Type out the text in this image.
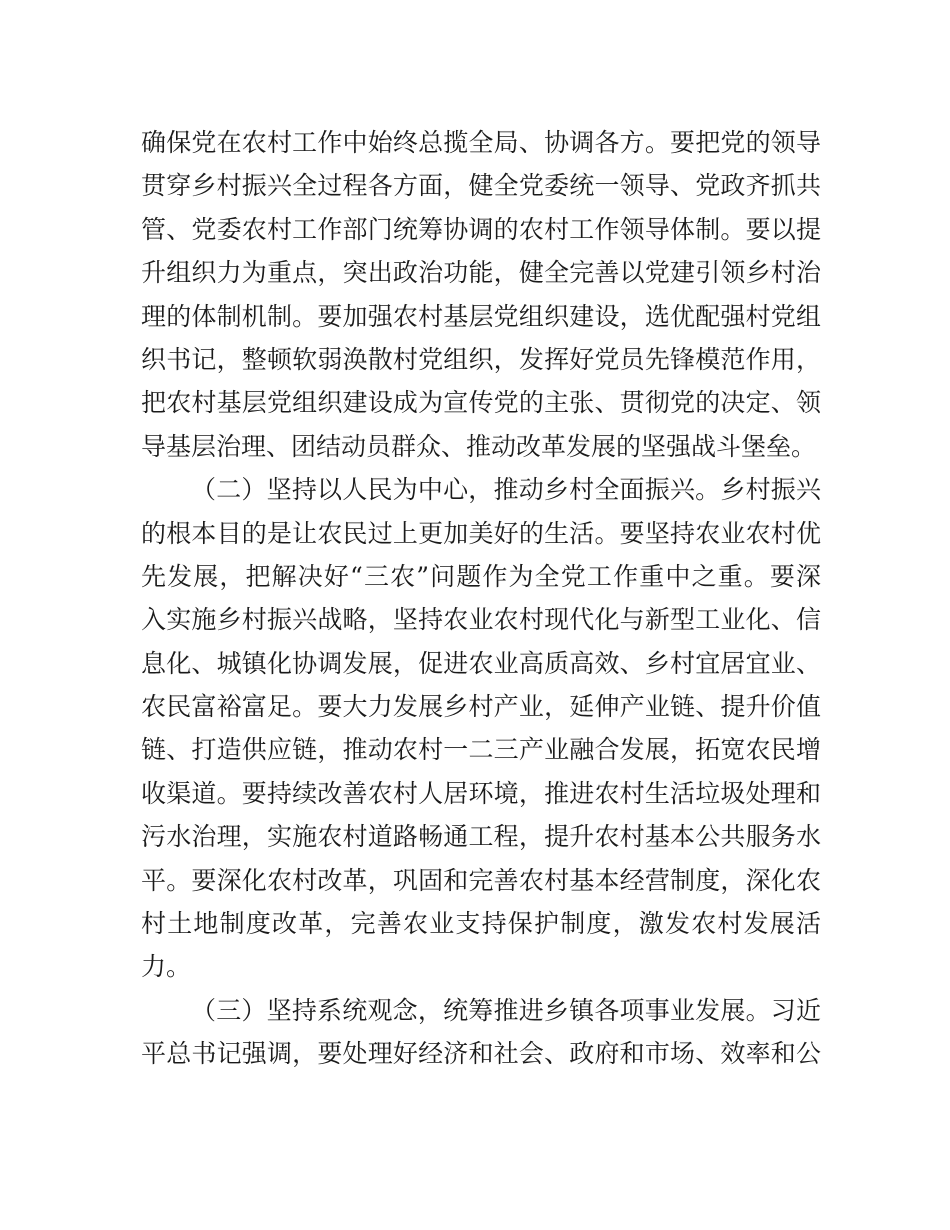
确保党在农村工作中始终总揽全局、协调各方。要把党的领导
贯穿乡村振兴全过程各方面，健全党委统一领导、党政齐抓共
管、党委农村工作部门统筹协调的农村工作领导体制。要以提
升组织力为重点，突出政治功能，健全完善以党建引领乡村治
理的体制机制。要加强农村基层党组织建设，选优配强村党组
织书记，整顿软弱涣散村党组织，发挥好党员先锋模范作用，
把农村基层党组织建设成为宣传党的主张、贯彻党的决定、领
导基层治理、团结动员群众、推动改革发展的坚强战斗堡垒。
（二）坚持以人民为中心，推动乡村全面振兴。乡村振兴
的根本目的是让农民过上更加美好的生活。要坚持农业农村优
先发展，把解决好“三农”问题作为全党工作重中之重。要深
入实施乡村振兴战略，坚持农业农村现代化与新型工业化、信
息化、城镇化协调发展，促进农业高质高效、乡村宜居宜业、
农民富裕富足。要大力发展乡村产业，延伸产业链、提升价值
链、打造供应链，推动农村一二三产业融合发展，拓宽农民增
收渠道。要持续改善农村人居环境，推进农村生活垃圾处理和
污水治理，实施农村道路畅通工程，提升农村基本公共服务水
平。要深化农村改革，巩固和完善农村基本经营制度，深化农
村土地制度改革，完善农业支持保护制度，激发农村发展活
力。
（三）坚持系统观念，统筹推进乡镇各项事业发展。习近
平总书记强调，要处理好经济和社会、政府和市场、效率和公
